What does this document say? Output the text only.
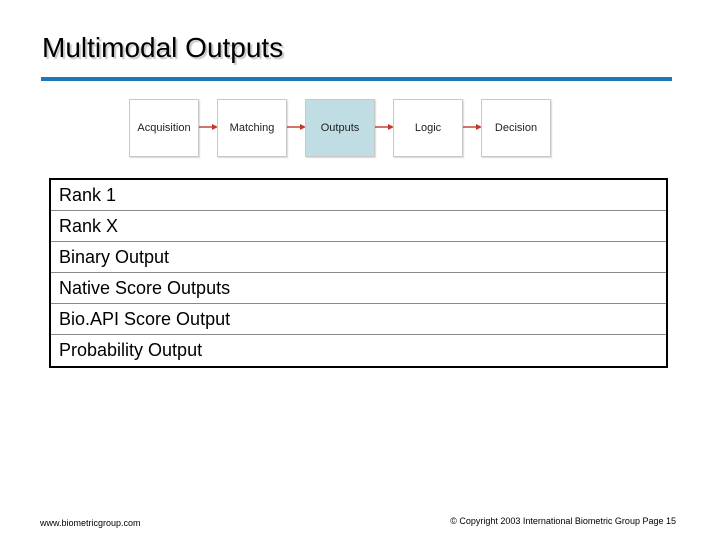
Multimodal Outputs
Acquisition	Matching	Outputs	Logic	Decision
Rank 1
Rank X
Binary Output
Native Score Outputs
Bio.API Score Output
Probability Output
www.biometricgroup.com	© Copyright 2003 International Biometric Group Page 15
